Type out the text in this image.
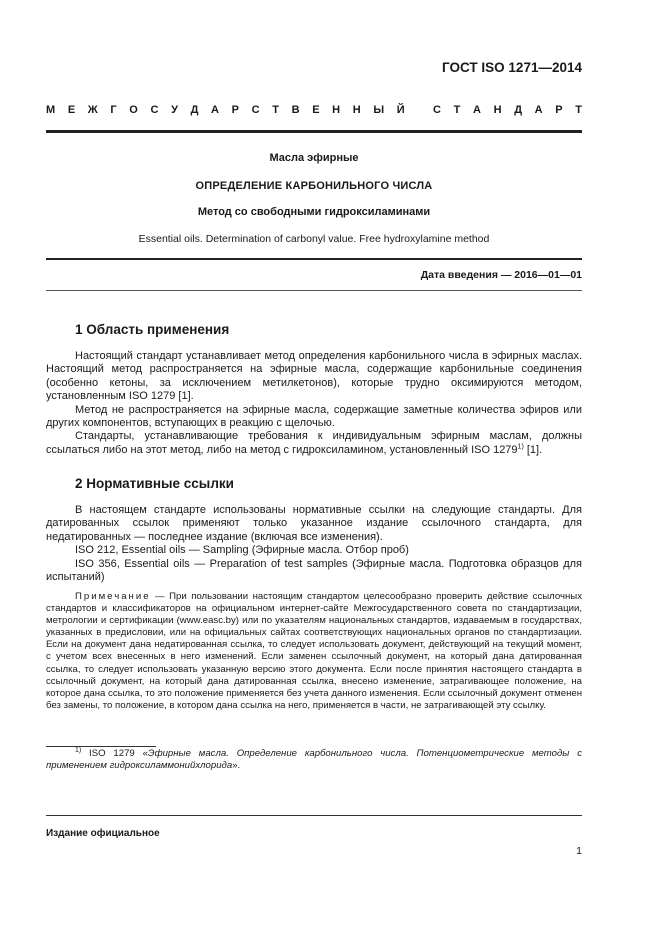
ГОСТ ISO 1271—2014
М Е Ж Г О С У Д А Р С Т В Е Н Н Ы Й
	С Т А Н Д А Р Т
Масла эфирные
ОПРЕДЕЛЕНИЕ КАРБОНИЛЬНОГО ЧИСЛА
Метод со свободными гидроксиламинами
Essential oils. Determination of carbonyl value. Free hydroxylamine method
Дата введения — 2016—01—01
1 Область применения

Настоящий стандарт устанавливает метод определения карбонильного числа в эфирных маслах. Настоящий метод распространяется на эфирные масла, содержащие карбонильные соединения (особенно кетоны, за исключением метилкетонов), которые трудно оксимируются методом, установленным ISO 1279 [1].

Метод не распространяется на эфирные масла, содержащие заметные количества эфиров или других компонентов, вступающих в реакцию с щелочью.

Стандарты, устанавливающие требования к индивидуальным эфирным маслам, должны ссылаться либо на этот метод, либо на метод с гидроксиламином, установленный ISO 1279$^{1)}$ [1].

2 Нормативные ссылки

В настоящем стандарте использованы нормативные ссылки на следующие стандарты. Для датированных ссылок применяют только указанное издание ссылочного стандарта, для недатированных — последнее издание (включая все изменения).

ISO 212, Essential oils — Sampling (Эфирные масла. Отбор проб)

ISO 356, Essential oils — Preparation of test samples (Эфирные масла. Подготовка образцов для испытаний)

Примечание — При пользовании настоящим стандартом целесообразно проверить действие ссылочных стандартов и классификаторов на официальном интернет-сайте Межгосударственного совета по стандартизации, метрологии и сертификации (www.easc.by) или по указателям национальных стандартов, издаваемым в государствах, указанных в предисловии, или на официальных сайтах соответствующих национальных органов по стандартизации. Если на документ дана недатированная ссылка, то следует использовать документ, действующий на текущий момент, с учетом всех внесенных в него изменений. Если заменен ссылочный документ, на который дана датированная ссылка, то следует использовать указанную версию этого документа. Если после принятия настоящего стандарта в ссылочный документ, на который дана датированная ссылка, внесено изменение, затрагивающее положение, на которое дана ссылка, то это положение применяется без учета данного изменения. Если ссылочный документ отменен без замены, то положение, в котором дана ссылка на него, применяется в части, не затрагивающей эту ссылку.
$^{1)}$ ISO 1279 «Эфирные масла. Определение карбонильного числа. Потенциометрические методы с применением гидроксиламмонийхлорида».
Издание официальное
1
